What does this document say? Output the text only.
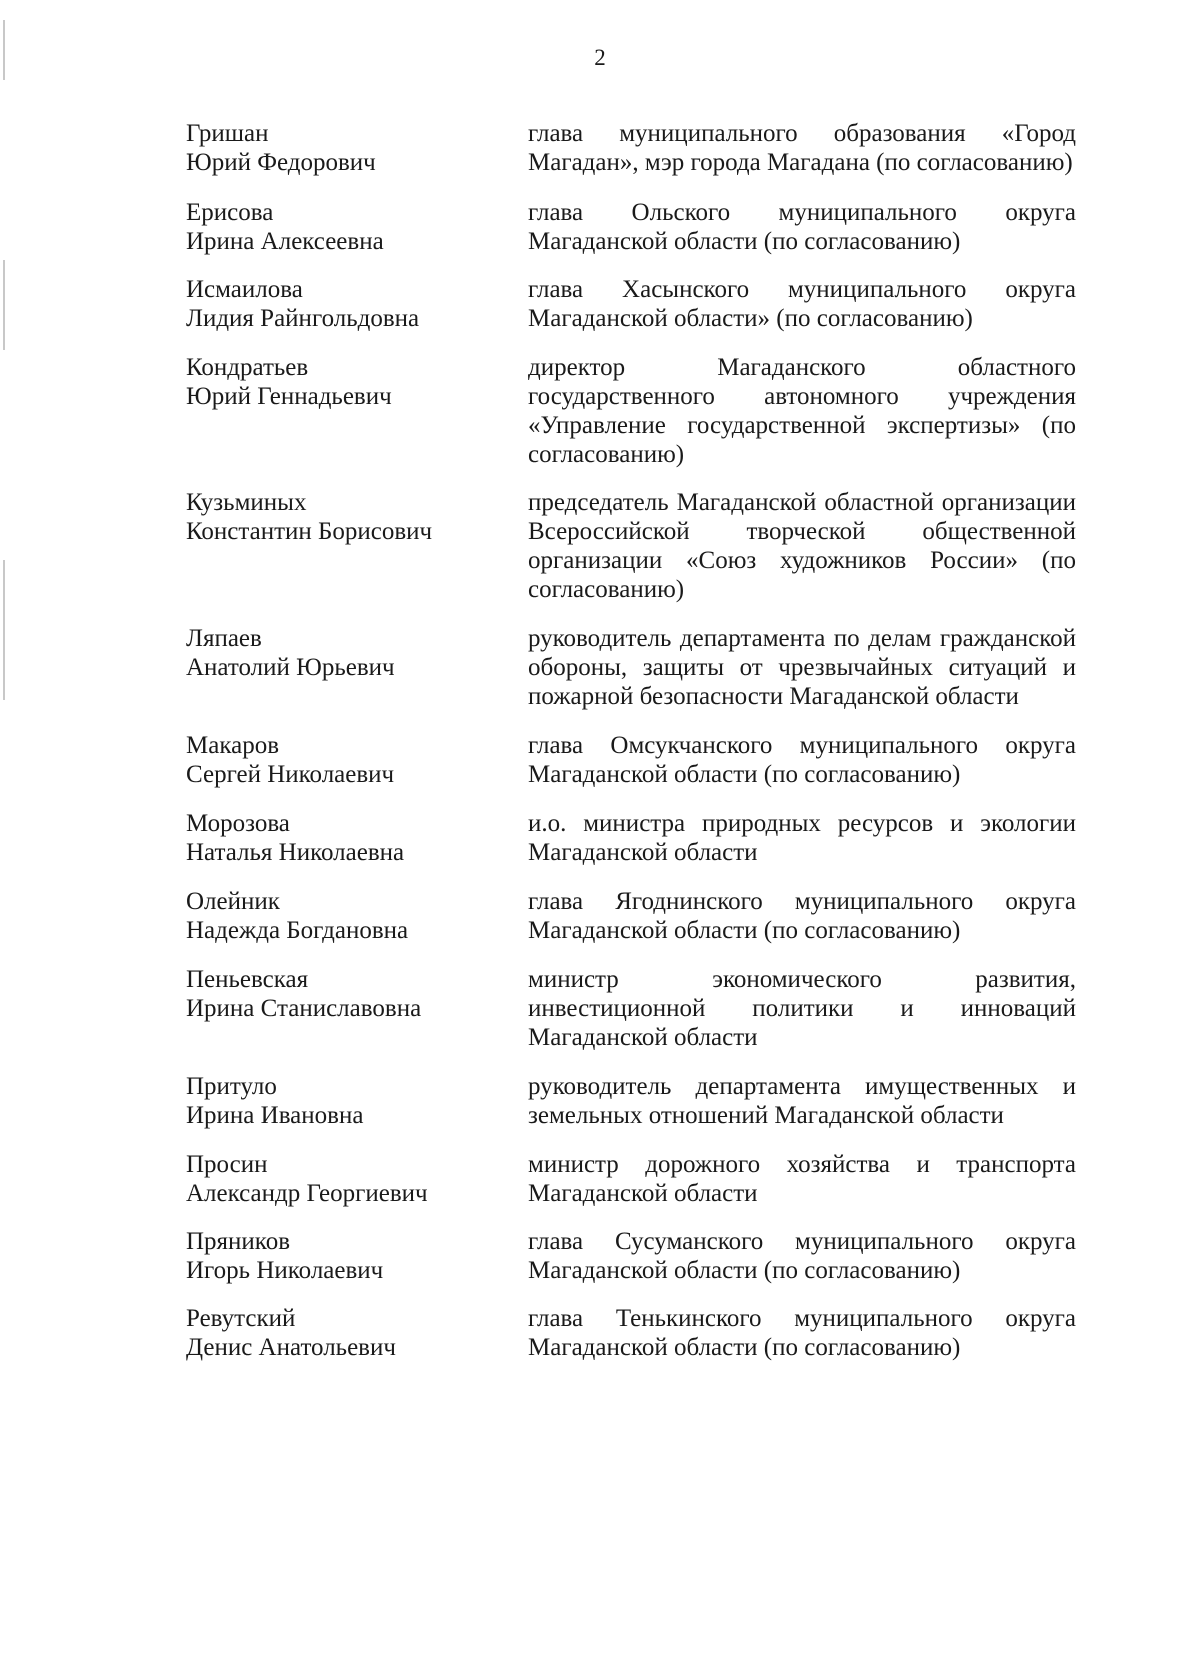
2
Гришан
Юрий Федорович
глава муниципального образования «Город Магадан», мэр города Магадана (по согласованию)
Ерисова
Ирина Алексеевна
глава Ольского муниципального округа Магаданской области (по согласованию)
Исмаилова
Лидия Райнгольдовна
глава Хасынского муниципального округа Магаданской области» (по согласованию)
Кондратьев
Юрий Геннадьевич
директор Магаданского областного государственного автономного учреждения «Управление государственной экспертизы» (по согласованию)
Кузьминых
Константин Борисович
председатель Магаданской областной организации Всероссийской творческой общественной организации «Союз художников России» (по согласованию)
Ляпаев
Анатолий Юрьевич
руководитель департамента по делам гражданской обороны, защиты от чрезвычайных ситуаций и пожарной безопасности Магаданской области
Макаров
Сергей Николаевич
глава Омсукчанского муниципального округа Магаданской области (по согласованию)
Морозова
Наталья Николаевна
и.о. министра природных ресурсов и экологии Магаданской области
Олейник
Надежда Богдановна
глава Ягоднинского муниципального округа Магаданской области (по согласованию)
Пеньевская
Ирина Станиславовна
министр экономического развития, инвестиционной политики и инноваций Магаданской области
Притуло
Ирина Ивановна
руководитель департамента имущественных и земельных отношений Магаданской области
Просин
Александр Георгиевич
министр дорожного хозяйства и транспорта Магаданской области
Пряников
Игорь Николаевич
глава Сусуманского муниципального округа Магаданской области (по согласованию)
Ревутский
Денис Анатольевич
глава Тенькинского муниципального округа Магаданской области (по согласованию)
